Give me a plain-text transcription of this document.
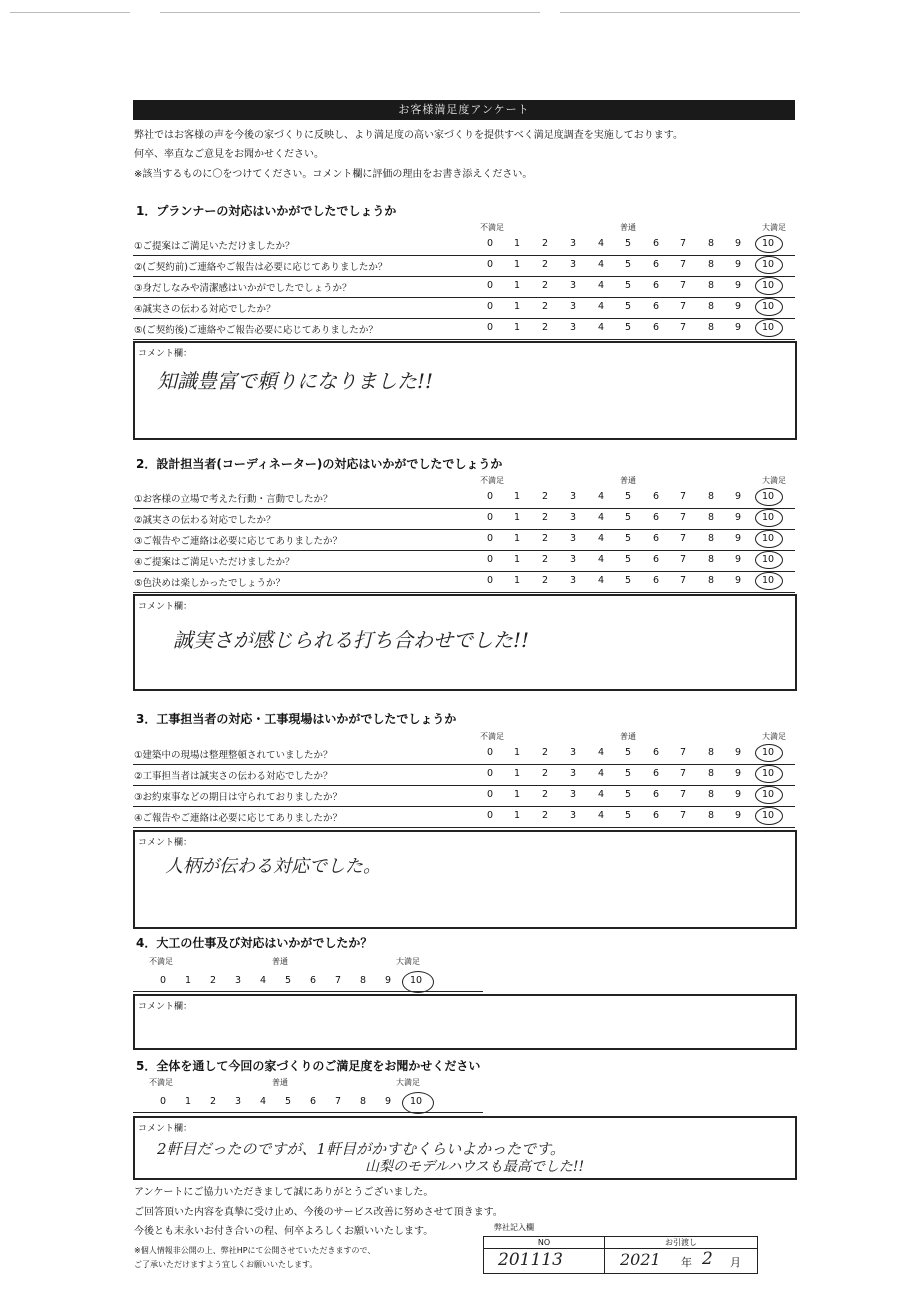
お客様満足度アンケート
弊社ではお客様の声を今後の家づくりに反映し、より満足度の高い家づくりを提供すべく満足度調査を実施しております。
何卒、率直なご意見をお聞かせください。
※該当するものに〇をつけてください。コメント欄に評価の理由をお書き添えください。
1．プランナーの対応はいかがでしたでしょうか
不満足	普通	大満足
①ご提案はご満足いただけましたか？	0	1	2	3	4	5	6	7	8	9	10
②(ご契約前)ご連絡やご報告は必要に応じてありましたか？	0	1	2	3	4	5	6	7	8	9	10
③身だしなみや清潔感はいかがでしたでしょうか？	0	1	2	3	4	5	6	7	8	9	10
④誠実さの伝わる対応でしたか？	0	1	2	3	4	5	6	7	8	9	10
⑤(ご契約後)ご連絡やご報告必要に応じてありましたか？	0	1	2	3	4	5	6	7	8	9	10
コメント欄：
知識豊富で頼りになりました!!
2．設計担当者(コーディネーター)の対応はいかがでしたでしょうか
不満足	普通	大満足
①お客様の立場で考えた行動・言動でしたか？	0	1	2	3	4	5	6	7	8	9	10
②誠実さの伝わる対応でしたか？	0	1	2	3	4	5	6	7	8	9	10
③ご報告やご連絡は必要に応じてありましたか？	0	1	2	3	4	5	6	7	8	9	10
④ご提案はご満足いただけましたか？	0	1	2	3	4	5	6	7	8	9	10
⑤色決めは楽しかったでしょうか？	0	1	2	3	4	5	6	7	8	9	10
コメント欄：
誠実さが感じられる打ち合わせでした!!
3．工事担当者の対応・工事現場はいかがでしたでしょうか
不満足	普通	大満足
①建築中の現場は整理整頓されていましたか？	0	1	2	3	4	5	6	7	8	9	10
②工事担当者は誠実さの伝わる対応でしたか？	0	1	2	3	4	5	6	7	8	9	10
③お約束事などの期日は守られておりましたか？	0	1	2	3	4	5	6	7	8	9	10
④ご報告やご連絡は必要に応じてありましたか？	0	1	2	3	4	5	6	7	8	9	10
コメント欄：
人柄が伝わる対応でした。
4．大工の仕事及び対応はいかがでしたか？
不満足	普通	大満足
0	1	2	3	4	5	6	7	8	9	10
コメント欄：
5．全体を通して今回の家づくりのご満足度をお聞かせください
不満足	普通	大満足
0	1	2	3	4	5	6	7	8	9	10
コメント欄：
2軒目だったのですが、1軒目がかすむくらいよかったです。
山梨のモデルハウスも最高でした!!
アンケートにご協力いただきまして誠にありがとうございました。
ご回答頂いた内容を真摯に受け止め、今後のサービス改善に努めさせて頂きます。
今後とも末永いお付き合いの程、何卒よろしくお願いいたします。
※個人情報非公開の上、弊社HPにて公開させていただきますので、
ご了承いただけますよう宜しくお願いいたします。
弊社記入欄
NO	お引渡し
201113	2021 年 2 月
